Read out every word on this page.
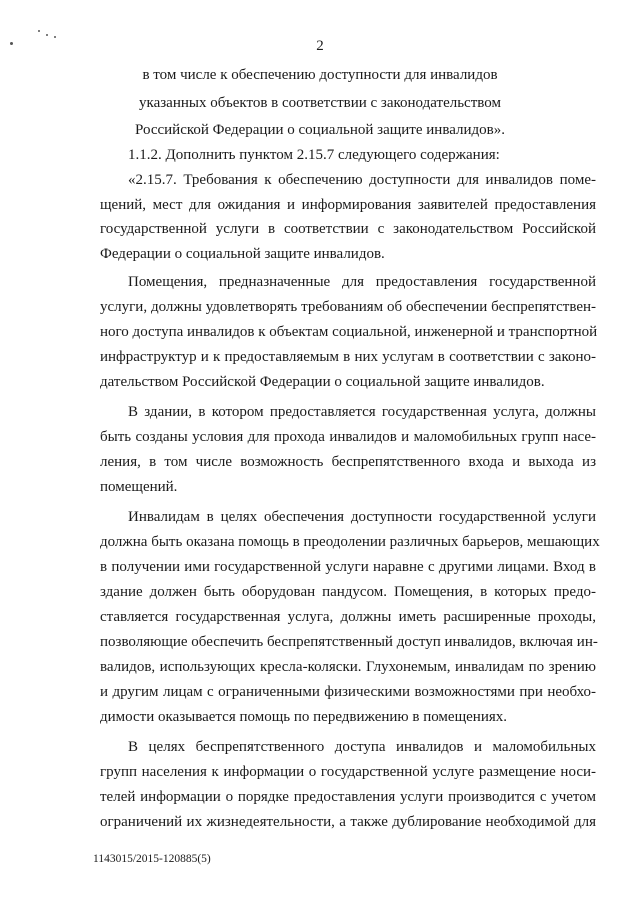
2
в том числе к обеспечению доступности для инвалидов
указанных объектов в соответствии с законодательством
Российской Федерации о социальной защите инвалидов».
1.1.2. Дополнить пунктом 2.15.7 следующего содержания:
«2.15.7. Требования к обеспечению доступности для инвалидов поме-
щений, мест для ожидания и информирования заявителей предоставления
государственной услуги в соответствии с законодательством Российской
Федерации о социальной защите инвалидов.
Помещения, предназначенные для предоставления государственной
услуги, должны удовлетворять требованиям об обеспечении беспрепятствен-
ного доступа инвалидов к объектам социальной, инженерной и транспортной
инфраструктур и к предоставляемым в них услугам в соответствии с законо-
дательством Российской Федерации о социальной защите инвалидов.
В здании, в котором предоставляется государственная услуга, должны
быть созданы условия для прохода инвалидов и маломобильных групп насе-
ления, в том числе возможность беспрепятственного входа и выхода из
помещений.
Инвалидам в целях обеспечения доступности государственной услуги
должна быть оказана помощь в преодолении различных барьеров, мешающих
в получении ими государственной услуги наравне с другими лицами. Вход в
здание должен быть оборудован пандусом. Помещения, в которых предо-
ставляется государственная услуга, должны иметь расширенные проходы,
позволяющие обеспечить беспрепятственный доступ инвалидов, включая ин-
валидов, использующих кресла-коляски. Глухонемым, инвалидам по зрению
и другим лицам с ограниченными физическими возможностями при необхо-
димости оказывается помощь по передвижению в помещениях.
В целях беспрепятственного доступа инвалидов и маломобильных
групп населения к информации о государственной услуге размещение носи-
телей информации о порядке предоставления услуги производится с учетом
ограничений их жизнедеятельности, а также дублирование необходимой для
1143015/2015-120885(5)
